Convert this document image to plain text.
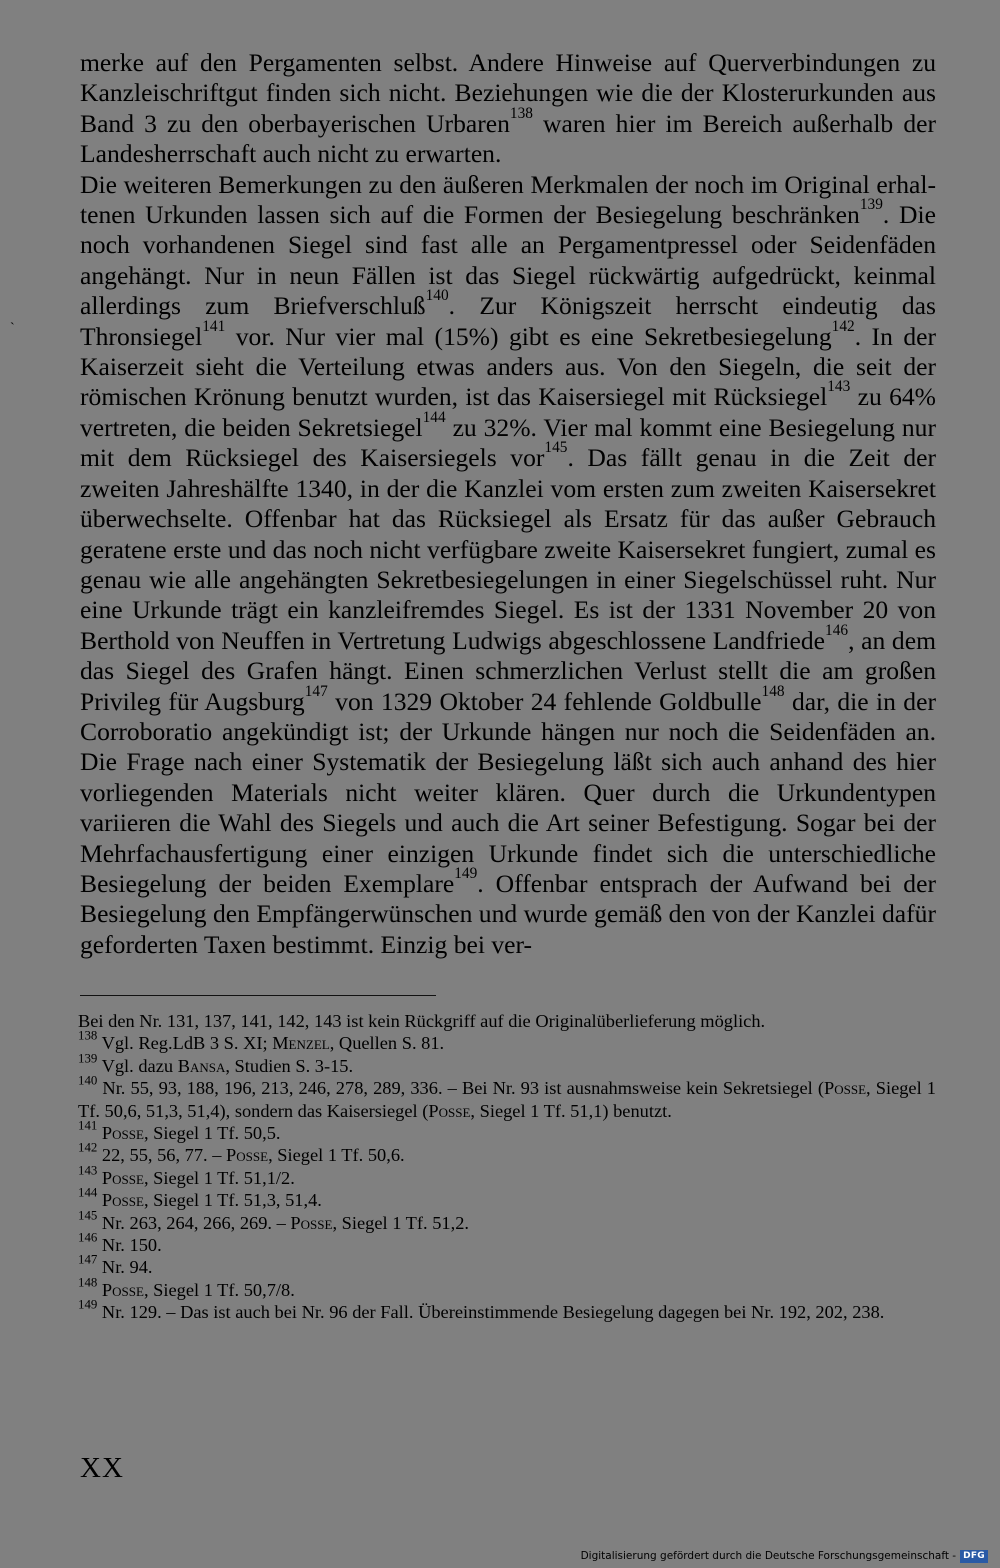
`

merke auf den Pergamenten selbst. Andere Hinweise auf Querverbindungen zu Kanzleischriftgut finden sich nicht. Beziehungen wie die der Klosterurkunden aus Band 3 zu den oberbayerischen Urbaren$^{138}$ waren hier im Bereich außerhalb der Landesherrschaft auch nicht zu erwarten.

Die weiteren Bemerkungen zu den äußeren Merkmalen der noch im Original erhaltenen Urkunden lassen sich auf die Formen der Besiegelung beschränken$^{139}$. Die noch vorhandenen Siegel sind fast alle an Pergamentpressel oder Seidenfäden angehängt. Nur in neun Fällen ist das Siegel rückwärtig aufgedrückt, keinmal allerdings zum Briefverschluß$^{140}$. Zur Königszeit herrscht eindeutig das Thronsiegel$^{141}$ vor. Nur vier mal (15%) gibt es eine Sekretbesiegelung$^{142}$. In der Kaiserzeit sieht die Verteilung etwas anders aus. Von den Siegeln, die seit der römischen Krönung benutzt wurden, ist das Kaisersiegel mit Rücksiegel$^{143}$ zu 64% vertreten, die beiden Sekretsiegel$^{144}$ zu 32%. Vier mal kommt eine Besiegelung nur mit dem Rücksiegel des Kaisersiegels vor$^{145}$. Das fällt genau in die Zeit der zweiten Jahreshälfte 1340, in der die Kanzlei vom ersten zum zweiten Kaisersekret überwechselte. Offenbar hat das Rücksiegel als Ersatz für das außer Gebrauch geratene erste und das noch nicht verfügbare zweite Kaisersekret fungiert, zumal es genau wie alle angehängten Sekretbesiegelungen in einer Siegelschüssel ruht. Nur eine Urkunde trägt ein kanzleifremdes Siegel. Es ist der 1331 November 20 von Berthold von Neuffen in Vertretung Ludwigs abgeschlossene Landfriede$^{146}$, an dem das Siegel des Grafen hängt. Einen schmerzlichen Verlust stellt die am großen Privileg für Augsburg$^{147}$ von 1329 Oktober 24 fehlende Goldbulle$^{148}$ dar, die in der Corroboratio angekündigt ist; der Urkunde hängen nur noch die Seidenfäden an. Die Frage nach einer Systematik der Besiegelung läßt sich auch anhand des hier vorliegenden Materials nicht weiter klären. Quer durch die Urkundentypen variieren die Wahl des Siegels und auch die Art seiner Befestigung. Sogar bei der Mehrfachausfertigung einer einzigen Urkunde findet sich die unterschiedliche Besiegelung der beiden Exemplare$^{149}$. Offenbar entsprach der Aufwand bei der Besiegelung den Empfängerwünschen und wurde gemäß den von der Kanzlei dafür geforderten Taxen bestimmt. Einzig bei ver-

Bei den Nr. 131, 137, 141, 142, 143 ist kein Rückgriff auf die Originalüberlieferung möglich.

$^{138}$ Vgl. Reg.LdB 3 S. XI; Menzel, Quellen S. 81.

$^{139}$ Vgl. dazu Bansa, Studien S. 3-15.

$^{140}$ Nr. 55, 93, 188, 196, 213, 246, 278, 289, 336. – Bei Nr. 93 ist ausnahmsweise kein Sekretsiegel (Posse, Siegel 1 Tf. 50,6, 51,3, 51,4), sondern das Kaisersiegel (Posse, Siegel 1 Tf. 51,1) benutzt.

$^{141}$ Posse, Siegel 1 Tf. 50,5.

$^{142}$ 22, 55, 56, 77. – Posse, Siegel 1 Tf. 50,6.

$^{143}$ Posse, Siegel 1 Tf. 51,1/2.

$^{144}$ Posse, Siegel 1 Tf. 51,3, 51,4.

$^{145}$ Nr. 263, 264, 266, 269. – Posse, Siegel 1 Tf. 51,2.

$^{146}$ Nr. 150.

$^{147}$ Nr. 94.

$^{148}$ Posse, Siegel 1 Tf. 50,7/8.

$^{149}$ Nr. 129. – Das ist auch bei Nr. 96 der Fall. Übereinstimmende Besiegelung dagegen bei Nr. 192, 202, 238.

XX
Digitalisierung gefördert durch die Deutsche Forschungsgemeinschaft - DFG
